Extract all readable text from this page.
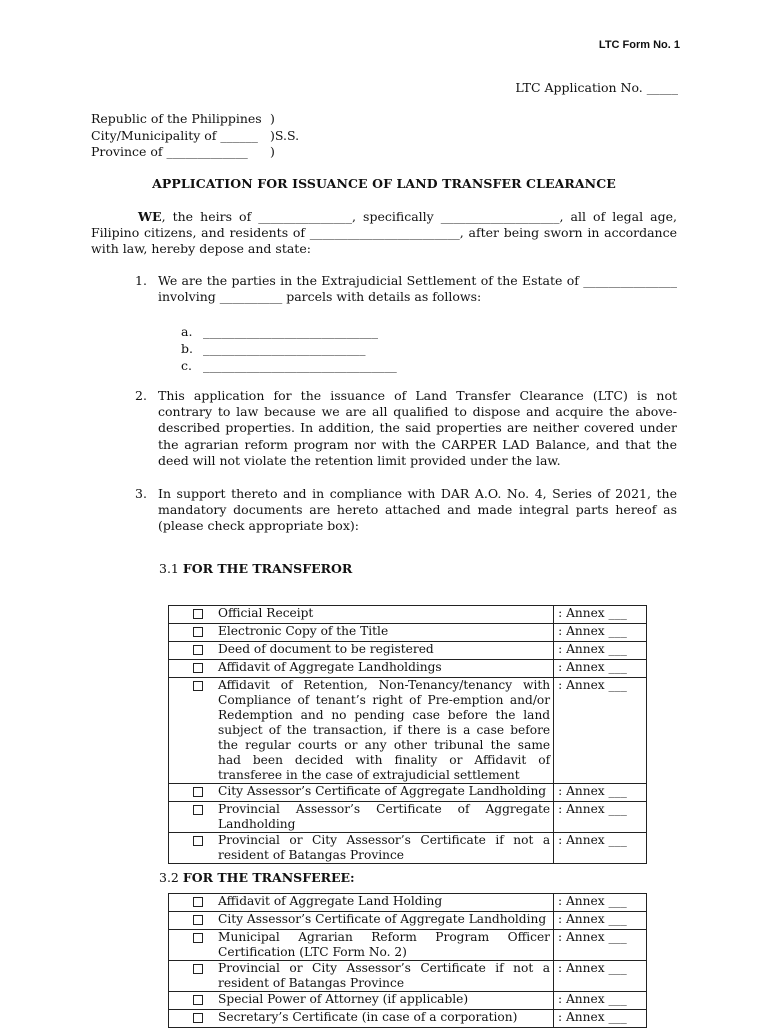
LTC Form No. 1
LTC Application No. _____
Republic of the Philippines )
City/Municipality of ______ )S.S.
Province of _____________ )
APPLICATION FOR ISSUANCE OF LAND TRANSFER CLEARANCE
WE, the heirs of _______________, specifically ___________________, all of legal age, Filipino citizens, and residents of ________________________, after being sworn in accordance with law, hereby depose and state:
1. We are the parties in the Extrajudicial Settlement of the Estate of _______________ involving __________ parcels with details as follows:
a. ____________________________
b. __________________________
c. _______________________________
2. This application for the issuance of Land Transfer Clearance (LTC) is not contrary to law because we are all qualified to dispose and acquire the above-described properties. In addition, the said properties are neither covered under the agrarian reform program nor with the CARPER LAD Balance, and that the deed will not violate the retention limit provided under the law.
3. In support thereto and in compliance with DAR A.O. No. 4, Series of 2021, the mandatory documents are hereto attached and made integral parts hereof as (please check appropriate box):
3.1 FOR THE TRANSFEROR
	Official Receipt	: Annex ___
	Electronic Copy of the Title	: Annex ___
	Deed of document to be registered	: Annex ___
	Affidavit of Aggregate Landholdings	: Annex ___
	Affidavit of Retention, Non-Tenancy/tenancy with Compliance of tenant’s right of Pre-emption and/or Redemption and no pending case before the land subject of the transaction, if there is a case before the regular courts or any other tribunal the same had been decided with finality or Affidavit of transferee in the case of extrajudicial settlement	: Annex ___
	City Assessor’s Certificate of Aggregate Landholding	: Annex ___
	Provincial Assessor’s Certificate of Aggregate Landholding	: Annex ___
	Provincial or City Assessor’s Certificate if not a resident of Batangas Province	: Annex ___
3.2 FOR THE TRANSFEREE:
	Affidavit of Aggregate Land Holding	: Annex ___
	City Assessor’s Certificate of Aggregate Landholding	: Annex ___
	Municipal Agrarian Reform Program Officer Certification (LTC Form No. 2)	: Annex ___
	Provincial or City Assessor’s Certificate if not a resident of Batangas Province	: Annex ___
	Special Power of Attorney (if applicable)	: Annex ___
	Secretary’s Certificate (in case of a corporation)	: Annex ___
